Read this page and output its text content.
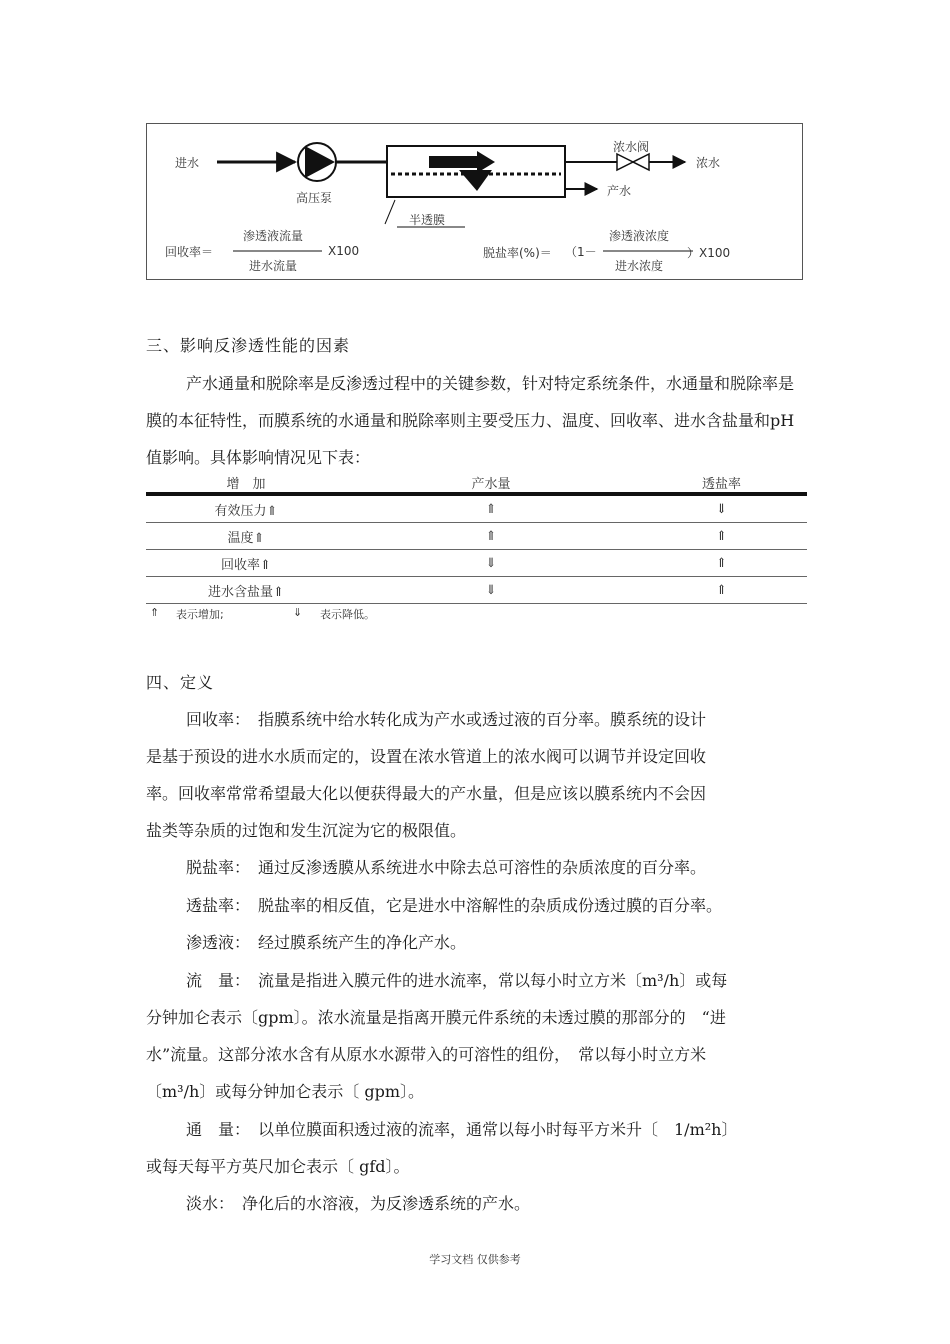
进水
高压泵
浓水阀
浓水
产水
半透膜
回收率＝
渗透液流量
进水流量
X100	脱盐率(%)＝ （1－
渗透液浓度
进水浓度
）X100
三、影响反渗透性能的因素
产水通量和脱除率是反渗透过程中的关键参数，针对特定系统条件，水通量和脱除率是膜的本征特性，而膜系统的水通量和脱除率则主要受压力、温度、回收率、进水含盐量和pH 值影响。具体影响情况见下表：
增　加	产水量	透盐率
有效压力⇑	⇑	⇓
温度⇑	⇑	⇑
回收率⇑	⇓	⇑
进水含盐量⇑	⇓	⇑
⇑ 表示增加;	⇓ 表示降低。
四、定义
回收率：　指膜系统中给水转化成为产水或透过液的百分率。膜系统的设计
是基于预设的进水水质而定的，设置在浓水管道上的浓水阀可以调节并设定回收
率。回收率常常希望最大化以便获得最大的产水量，但是应该以膜系统内不会因
盐类等杂质的过饱和发生沉淀为它的极限值。
脱盐率：　通过反渗透膜从系统进水中除去总可溶性的杂质浓度的百分率。
透盐率：　脱盐率的相反值，它是进水中溶解性的杂质成份透过膜的百分率。
渗透液：　经过膜系统产生的净化产水。
流　量：　流量是指进入膜元件的进水流率，常以每小时立方米〔m³/h〕或每
分钟加仑表示〔gpm〕。浓水流量是指离开膜元件系统的未透过膜的那部分的　“进
水”流量。这部分浓水含有从原水水源带入的可溶性的组份，　常以每小时立方米
〔m³/h〕或每分钟加仑表示〔 gpm〕。
通　量：　以单位膜面积透过液的流率，通常以每小时每平方米升〔　1/m²h〕
或每天每平方英尺加仑表示〔 gfd〕。
淡水：　净化后的水溶液，为反渗透系统的产水。
学习文档 仅供参考
